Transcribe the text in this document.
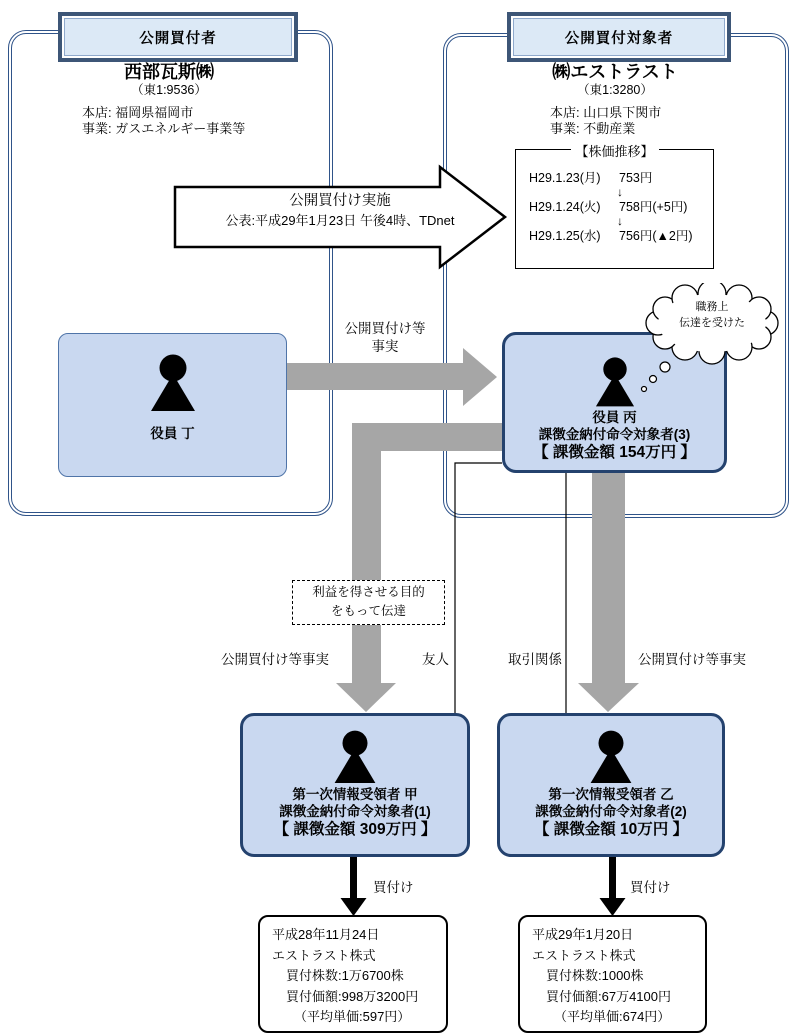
公開買付者	公開買付対象者
西部瓦斯㈱
（東1:9536）
本店: 福岡県福岡市
事業: ガスエネルギー事業等
㈱エストラスト
（東1:3280）
本店: 山口県下関市
事業: 不動産業
公開買付け実施
公表:平成29年1月23日 午後4時、TDnet
【株価推移】
H29.1.23(月) 753円
↓
H29.1.24(火) 758円(+5円)
↓
H29.1.25(水) 756円(▲2円)
公開買付け等
事実
利益を得させる目的
をもって伝達
公開買付け等事実	友人	取引関係	公開買付け等事実
役員 丁
役員 丙
課徴金納付命令対象者(3)
【 課徴金額 154万円 】
職務上
伝達を受けた
第一次情報受領者 甲
課徴金納付命令対象者(1)
【 課徴金額 309万円 】
第一次情報受領者 乙
課徴金納付命令対象者(2)
【 課徴金額 10万円 】
買付け	買付け
平成28年11月24日
エストラスト株式
買付株数:1万6700株
買付価額:998万3200円
（平均単価:597円）
平成29年1月20日
エストラスト株式
買付株数:1000株
買付価額:67万4100円
（平均単価:674円）
